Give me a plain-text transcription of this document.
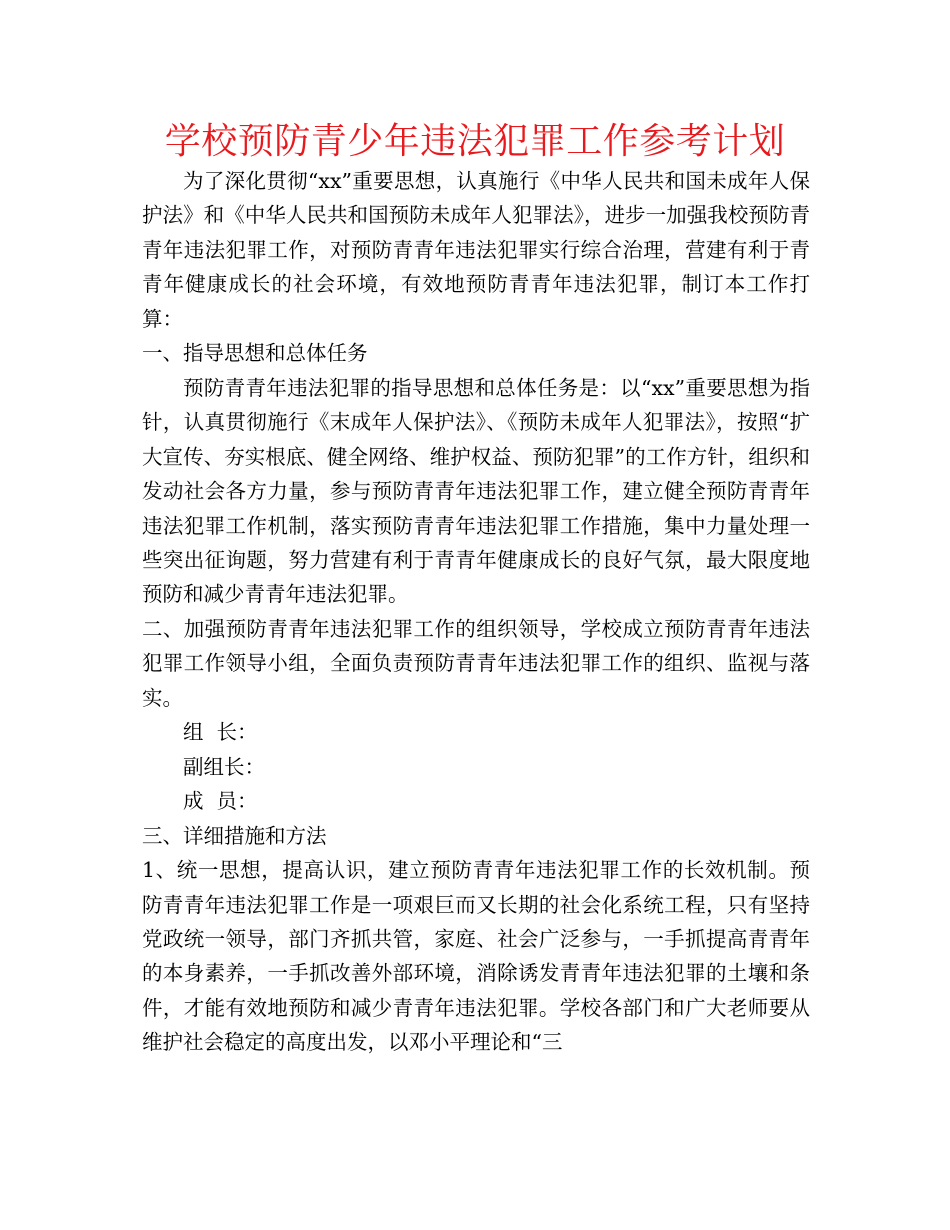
学校预防青少年违法犯罪工作参考计划

为了深化贯彻“xx”重要思想，认真施行《中华人民共和国未成年人保护法》和《中华人民共和国预防未成年人犯罪法》，进步一加强我校预防青青年违法犯罪工作，对预防青青年违法犯罪实行综合治理，营建有利于青青年健康成长的社会环境，有效地预防青青年违法犯罪，制订本工作打算：

一、指导思想和总体任务

预防青青年违法犯罪的指导思想和总体任务是：以“xx”重要思想为指针，认真贯彻施行《末成年人保护法》、《预防未成年人犯罪法》，按照“扩大宣传、夯实根底、健全网络、维护权益、预防犯罪”的工作方针，组织和发动社会各方力量，参与预防青青年违法犯罪工作，建立健全预防青青年违法犯罪工作机制，落实预防青青年违法犯罪工作措施，集中力量处理一些突出征询题，努力营建有利于青青年健康成长的良好气氛，最大限度地预防和减少青青年违法犯罪。

二、加强预防青青年违法犯罪工作的组织领导，学校成立预防青青年违法犯罪工作领导小组，全面负责预防青青年违法犯罪工作的组织、监视与落实。

组  长：

副组长：

成  员：

三、详细措施和方法

1、统一思想，提高认识，建立预防青青年违法犯罪工作的长效机制。预防青青年违法犯罪工作是一项艰巨而又长期的社会化系统工程，只有坚持党政统一领导，部门齐抓共管，家庭、社会广泛参与，一手抓提高青青年的本身素养，一手抓改善外部环境，消除诱发青青年违法犯罪的土壤和条件，才能有效地预防和减少青青年违法犯罪。学校各部门和广大老师要从维护社会稳定的高度出发，以邓小平理论和“三
